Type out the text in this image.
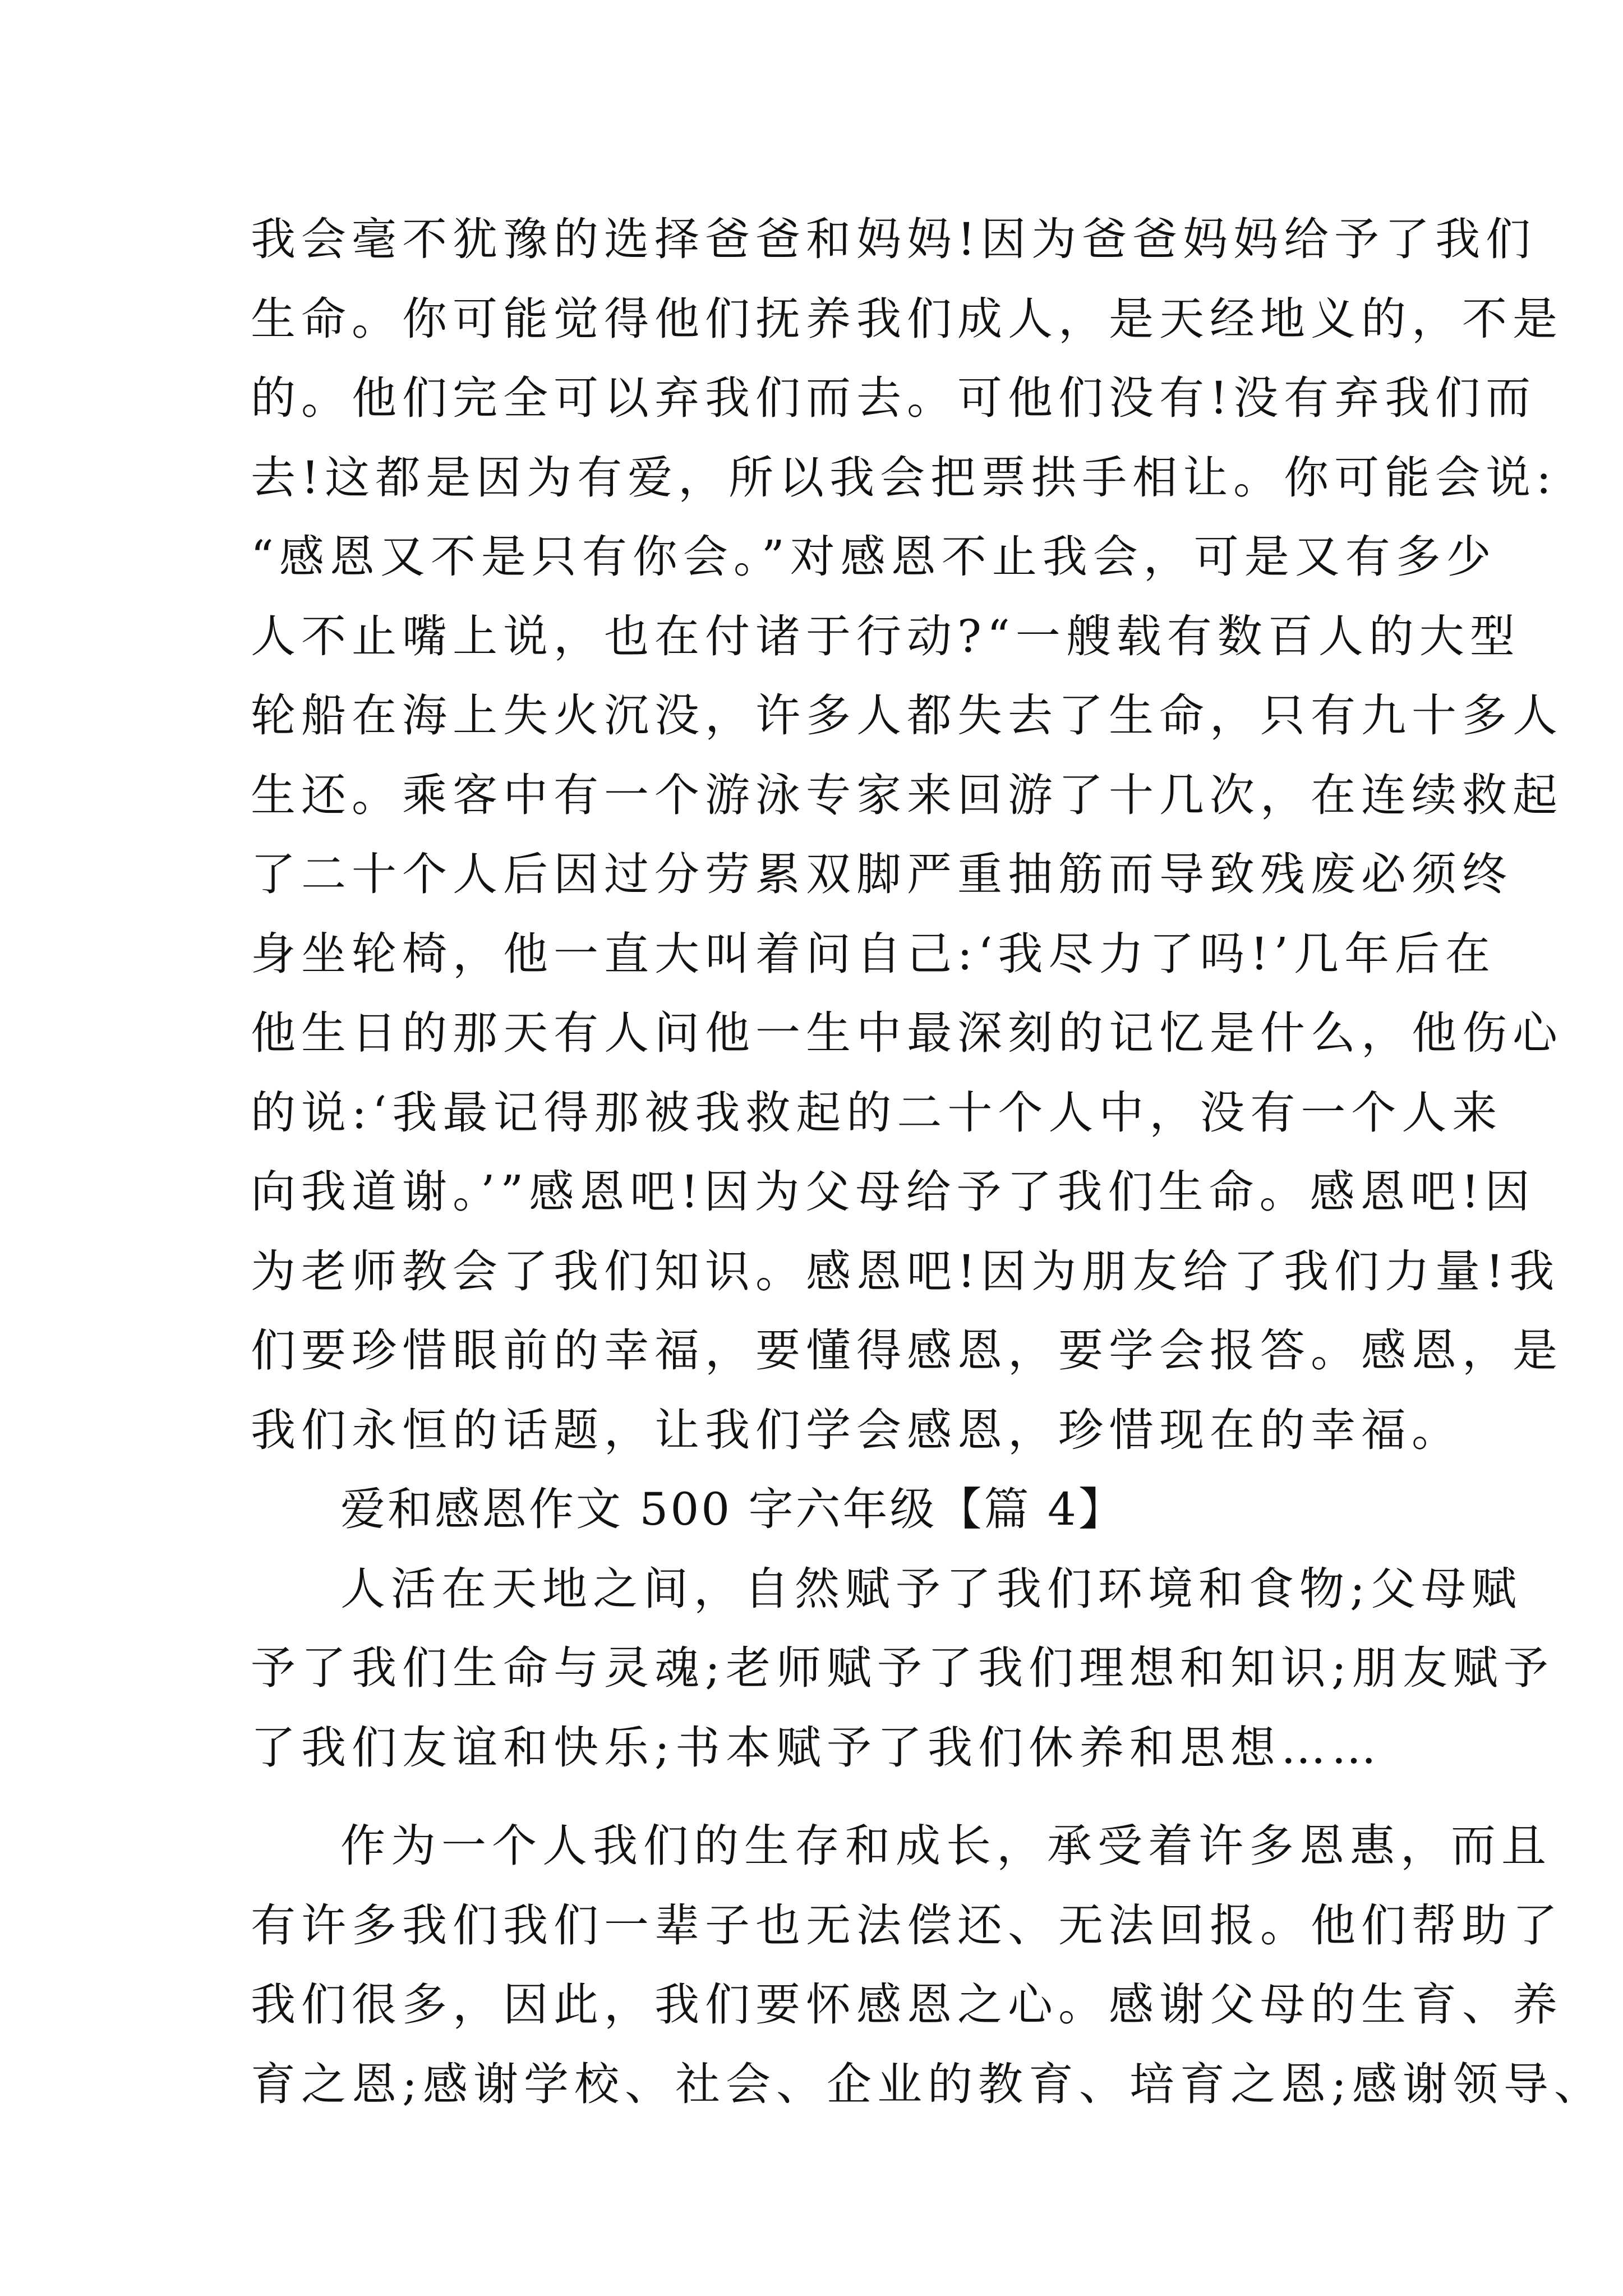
我会毫不犹豫的选择爸爸和妈妈!因为爸爸妈妈给予了我们
生命。你可能觉得他们抚养我们成人，是天经地义的，不是
的。他们完全可以弃我们而去。可他们没有!没有弃我们而
去!这都是因为有爱，所以我会把票拱手相让。你可能会说:
“感恩又不是只有你会。”对感恩不止我会，可是又有多少
人不止嘴上说，也在付诸于行动?“一艘载有数百人的大型
轮船在海上失火沉没，许多人都失去了生命，只有九十多人
生还。乘客中有一个游泳专家来回游了十几次，在连续救起
了二十个人后因过分劳累双脚严重抽筋而导致残废必须终
身坐轮椅，他一直大叫着问自己:‘我尽力了吗!’几年后在
他生日的那天有人问他一生中最深刻的记忆是什么，他伤心
的说:‘我最记得那被我救起的二十个人中，没有一个人来
向我道谢。’”感恩吧!因为父母给予了我们生命。感恩吧!因
为老师教会了我们知识。感恩吧!因为朋友给了我们力量!我
们要珍惜眼前的幸福，要懂得感恩，要学会报答。感恩，是
我们永恒的话题，让我们学会感恩，珍惜现在的幸福。
爱和感恩作文 500 字六年级【篇 4】
人活在天地之间，自然赋予了我们环境和食物;父母赋
予了我们生命与灵魂;老师赋予了我们理想和知识;朋友赋予
了我们友谊和快乐;书本赋予了我们休养和思想……
作为一个人我们的生存和成长，承受着许多恩惠，而且
有许多我们我们一辈子也无法偿还、无法回报。他们帮助了
我们很多，因此，我们要怀感恩之心。感谢父母的生育、养
育之恩;感谢学校、社会、企业的教育、培育之恩;感谢领导、
